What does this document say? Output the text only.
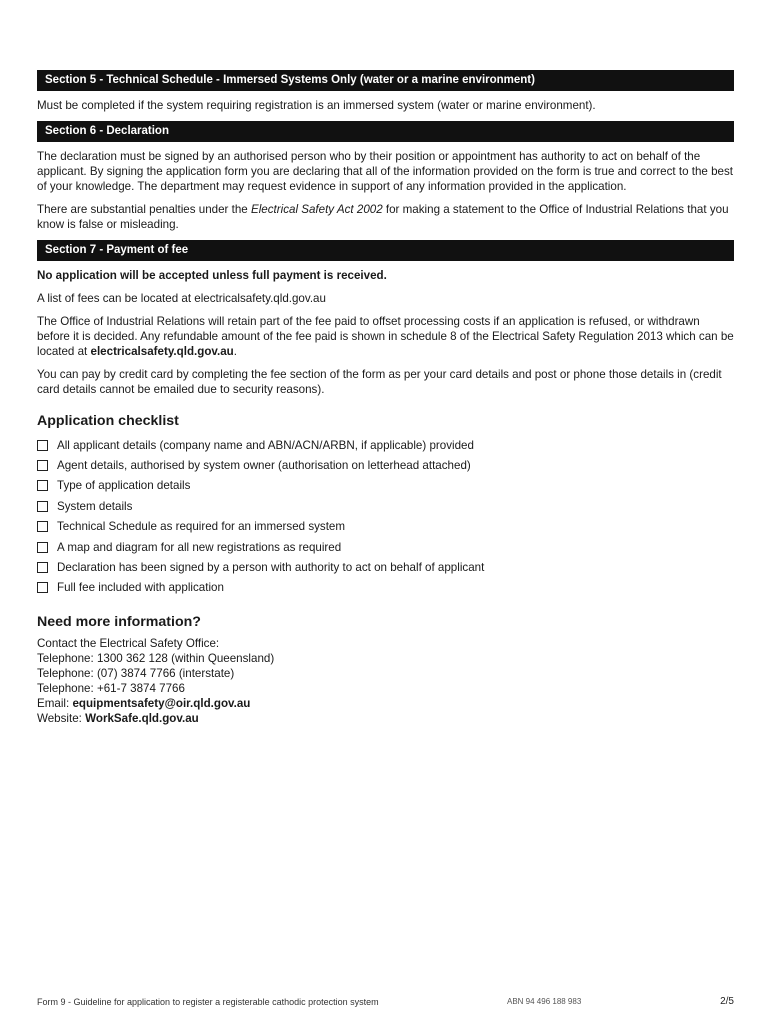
Section 5 - Technical Schedule - Immersed Systems Only (water or a marine environment)

Must be completed if the system requiring registration is an immersed system (water or marine environment).

Section 6 - Declaration

The declaration must be signed by an authorised person who by their position or appointment has authority to act on behalf of the applicant. By signing the application form you are declaring that all of the information provided on the form is true and correct to the best of your knowledge. The department may request evidence in support of any information provided in the application.

There are substantial penalties under the Electrical Safety Act 2002 for making a statement to the Office of Industrial Relations that you know is false or misleading.

Section 7 - Payment of fee

No application will be accepted unless full payment is received.

A list of fees can be located at electricalsafety.qld.gov.au

The Office of Industrial Relations will retain part of the fee paid to offset processing costs if an application is refused, or withdrawn before it is decided. Any refundable amount of the fee paid is shown in schedule 8 of the Electrical Safety Regulation 2013 which can be located at electricalsafety.qld.gov.au.

You can pay by credit card by completing the fee section of the form as per your card details and post or phone those details in (credit card details cannot be emailed due to security reasons).

Application checklist
All applicant details (company name and ABN/ACN/ARBN, if applicable) provided
Agent details, authorised by system owner (authorisation on letterhead attached)
Type of application details
System details
Technical Schedule as required for an immersed system
A map and diagram for all new registrations as required
Declaration has been signed by a person with authority to act on behalf of applicant
Full fee included with application
Need more information?

Contact the Electrical Safety Office:

Telephone: 1300 362 128 (within Queensland)

Telephone: (07) 3874 7766 (interstate)

Telephone: +61-7 3874 7766

Email: equipmentsafety@oir.qld.gov.au

Website: WorkSafe.qld.gov.au

Form 9 - Guideline for application to register a registerable cathodic protection system	ABN 94 496 188 983	2/5
